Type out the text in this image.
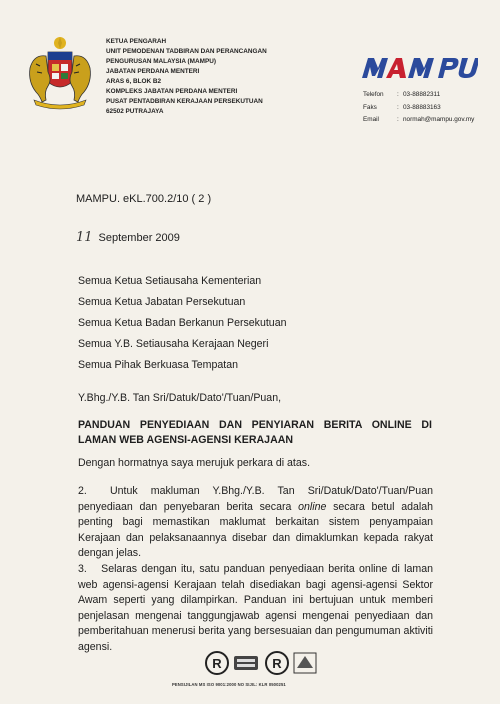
KETUA PENGARAH
UNIT PEMODENAN TADBIRAN DAN PERANCANGAN
PENGURUSAN MALAYSIA (MAMPU)
JABATAN PERDANA MENTERI
ARAS 6, BLOK B2
KOMPLEKS JABATAN PERDANA MENTERI
PUSAT PENTADBIRAN KERAJAAN PERSEKUTUAN
62502 PUTRAJAYA
Telefon	: 03-88882311
Faks	: 03-88883163
Email	: normah@mampu.gov.my
MAMPU. eKL.700.2/10 ( 2 )
11 September 2009
Semua Ketua Setiausaha Kementerian
Semua Ketua Jabatan Persekutuan
Semua Ketua Badan Berkanun Persekutuan
Semua Y.B. Setiausaha Kerajaan Negeri
Semua Pihak Berkuasa Tempatan
Y.Bhg./Y.B. Tan Sri/Datuk/Dato'/Tuan/Puan,
PANDUAN PENYEDIAAN DAN PENYIARAN BERITA ONLINE DI LAMAN WEB AGENSI-AGENSI KERAJAAN
Dengan hormatnya saya merujuk perkara di atas.
2. Untuk makluman Y.Bhg./Y.B. Tan Sri/Datuk/Dato'/Tuan/Puan penyediaan dan penyebaran berita secara online secara betul adalah penting bagi memastikan maklumat berkaitan sistem penyampaian Kerajaan dan pelaksanaannya disebar dan dimaklumkan kepada rakyat dengan jelas.
3. Selaras dengan itu, satu panduan penyediaan berita online di laman web agensi-agensi Kerajaan telah disediakan bagi agensi-agensi Sektor Awam seperti yang dilampirkan. Panduan ini bertujuan untuk memberi penjelasan mengenai tanggungjawab agensi mengenai penyediaan dan pemberitahuan menerusi berita yang bersesuaian dan pengumuman aktiviti agensi.
R	R
PENSIJILAN MS ISO 9001:2000 NO SIJIL: KLR 0500251
